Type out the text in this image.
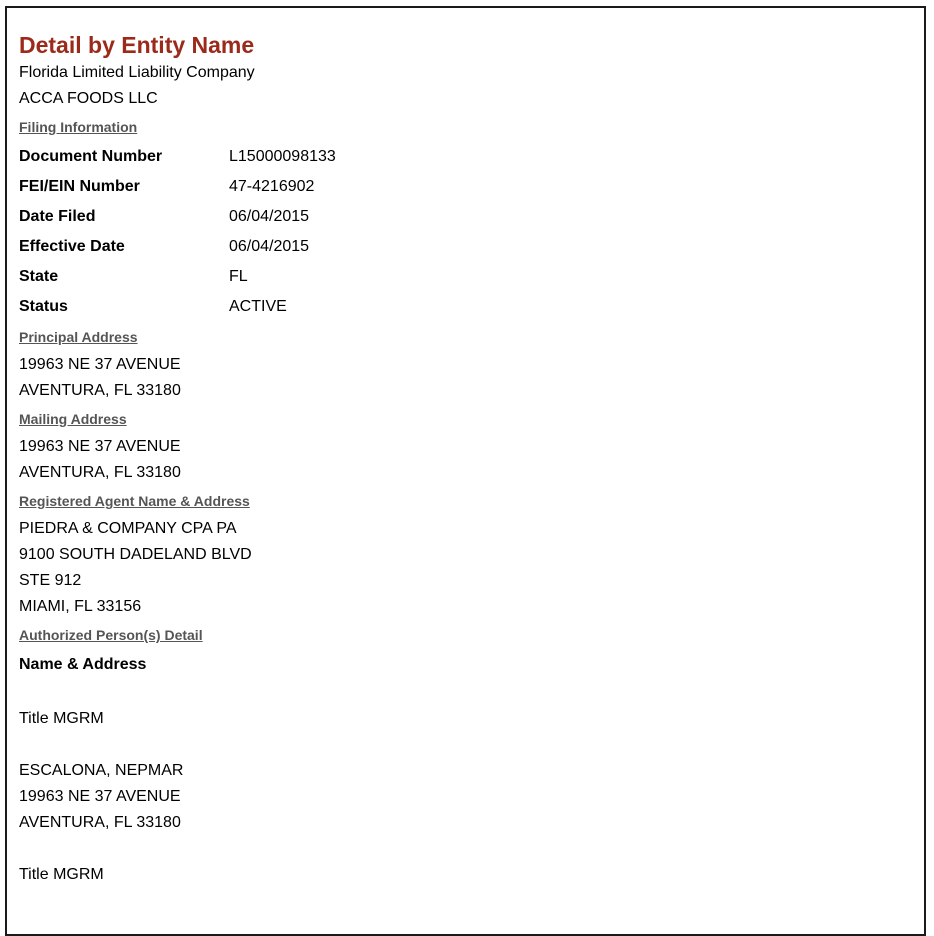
Detail by Entity Name
Florida Limited Liability Company
ACCA FOODS LLC
Filing Information
Document Number	L15000098133
FEI/EIN Number	47-4216902
Date Filed	06/04/2015
Effective Date	06/04/2015
State	FL
Status	ACTIVE
Principal Address
19963 NE 37 AVENUE
AVENTURA, FL 33180
Mailing Address
19963 NE 37 AVENUE
AVENTURA, FL 33180
Registered Agent Name & Address
PIEDRA & COMPANY CPA PA
9100 SOUTH DADELAND BLVD
STE 912
MIAMI, FL 33156
Authorized Person(s) Detail
Name & Address
Title MGRM
ESCALONA, NEPMAR
19963 NE 37 AVENUE
AVENTURA, FL 33180
Title MGRM
